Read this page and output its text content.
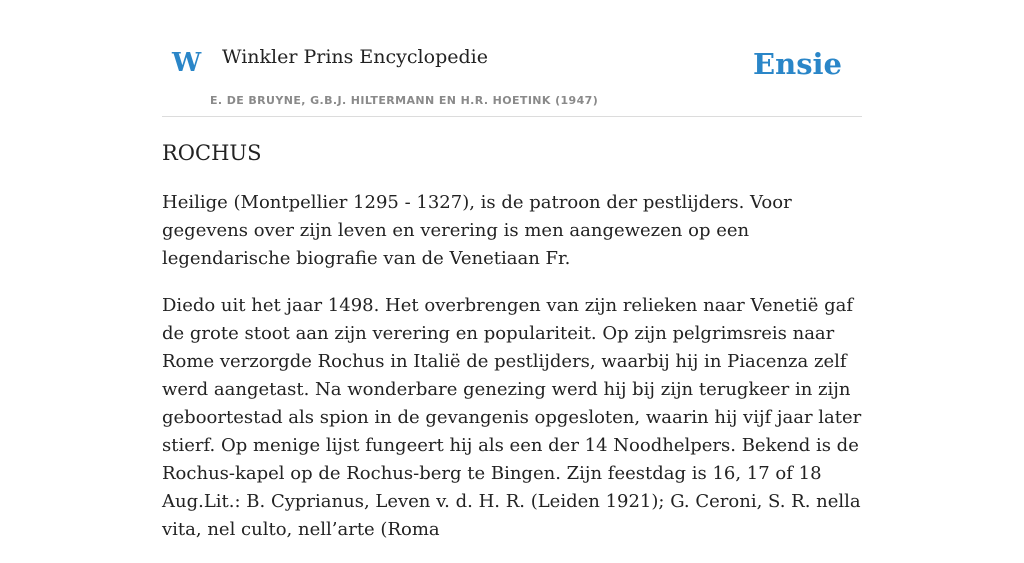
W Winkler Prins Encyclopedie
E. DE BRUYNE, G.B.J. HILTERMANN EN H.R. HOETINK (1947)
Ensie
ROCHUS

Heilige (Montpellier 1295 - 1327), is de patroon der pestlijders. Voor gegevens over zijn leven en verering is men aangewezen op een legendarische biografie van de Venetiaan Fr.

Diedo uit het jaar 1498. Het overbrengen van zijn relieken naar Venetië gaf de grote stoot aan zijn verering en populariteit. Op zijn pelgrimsreis naar Rome verzorgde Rochus in Italië de pestlijders, waarbij hij in Piacenza zelf werd aangetast. Na wonderbare genezing werd hij bij zijn terugkeer in zijn geboortestad als spion in de gevangenis opgesloten, waarin hij vijf jaar later stierf. Op menige lijst fungeert hij als een der 14 Noodhelpers. Bekend is de Rochus-kapel op de Rochus-berg te Bingen. Zijn feestdag is 16, 17 of 18 Aug.Lit.: B. Cyprianus, Leven v. d. H. R. (Leiden 1921); G. Ceroni, S. R. nella vita, nel culto, nell’arte (Roma
